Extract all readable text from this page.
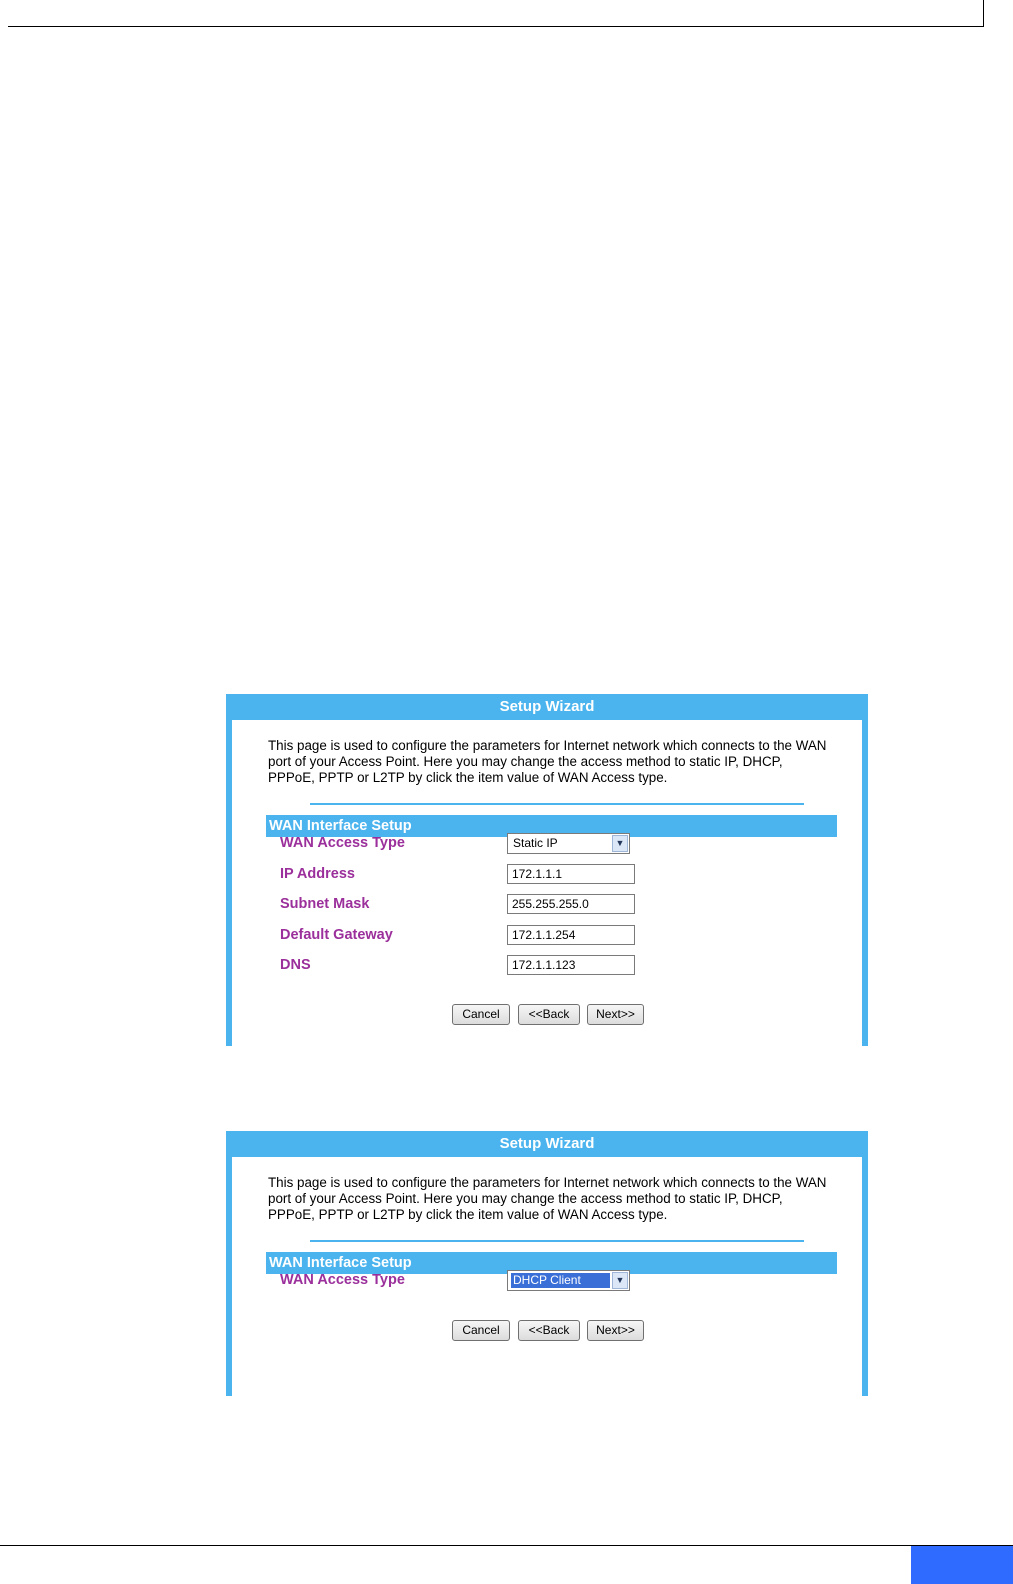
Setup Wizard
This page is used to configure the parameters for Internet network which connects to the WAN port of your Access Point. Here you may change the access method to static IP, DHCP, PPPoE, PPTP or L2TP by click the item value of WAN Access type.
WAN Interface Setup
WAN Access Type	Static IP	▼
IP Address	172.1.1.1
Subnet Mask	255.255.255.0
Default Gateway	172.1.1.254
DNS	172.1.1.123
Cancel	<<Back	Next>>
Setup Wizard
This page is used to configure the parameters for Internet network which connects to the WAN port of your Access Point. Here you may change the access method to static IP, DHCP, PPPoE, PPTP or L2TP by click the item value of WAN Access type.
WAN Interface Setup
WAN Access Type	DHCP Client	▼
Cancel	<<Back	Next>>
